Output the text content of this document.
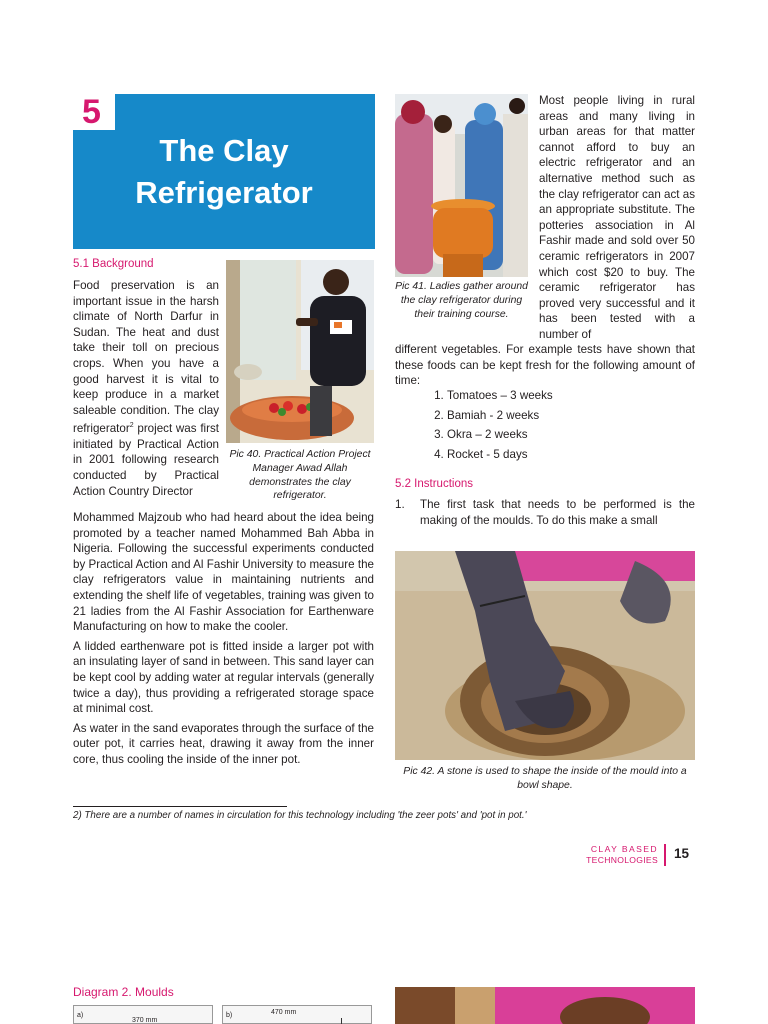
The Clay
Refrigerator
5
5.1 Background
Pic 40. Practical Action Project Manager Awad Allah demonstrates the clay refrigerator.
Food preservation is an important issue in the harsh climate of North Darfur in Sudan. The heat and dust take their toll on precious crops. When you have a good harvest it is vital to keep produce in a market saleable condition. The clay refrigerator$^2$ project was first initiated by Practical Action in 2001 following research conducted by Practical Action Country Director

Mohammed Majzoub who had heard about the idea being promoted by a teacher named Mohammed Bah Abba in Nigeria. Following the successful experiments conducted by Practical Action and Al Fashir University to measure the clay refrigerators value in maintaining nutrients and extending the shelf life of vegetables, training was given to 21 ladies from the Al Fashir Association for Earthenware Manufacturing on how to make the cooler.

A lidded earthenware pot is fitted inside a larger pot with an insulating layer of sand in between. This sand layer can be kept cool by adding water at regular intervals (generally twice a day), thus providing a refrigerated storage space at minimal cost.

As water in the sand evaporates through the surface of the outer pot, it carries heat, drawing it away from the inner core, thus cooling the inside of the inner pot.

Pic 41. Ladies gather around the clay refrigerator during their training course.
Most people living in rural areas and many living in urban areas for that matter cannot afford to buy an electric refrigerator and an alternative method such as the clay refrigerator can act as an appropriate substitute. The potteries association in Al Fashir made and sold over 50 ceramic refrigerators in 2007 which cost $20 to buy. The ceramic refrigerator has proved very successful and it has been tested with a number of
different vegetables. For example tests have shown that these foods can be kept fresh for the following amount of time:
1. Tomatoes – 3 weeks
2. Bamiah - 2 weeks
3. Okra – 2 weeks
4. Rocket - 5 days
5.2 Instructions
1.	The first task that needs to be performed is the making of the moulds. To do this make a small
Pic 42. A stone is used to shape the inside of the mould into a bowl shape.
2) There are a number of names in circulation for this technology including 'the zeer pots' and 'pot in pot.'
CLAY BASED
TECHNOLOGIES 15
Diagram 2. Moulds
a)
370 mm
b)	470 mm
